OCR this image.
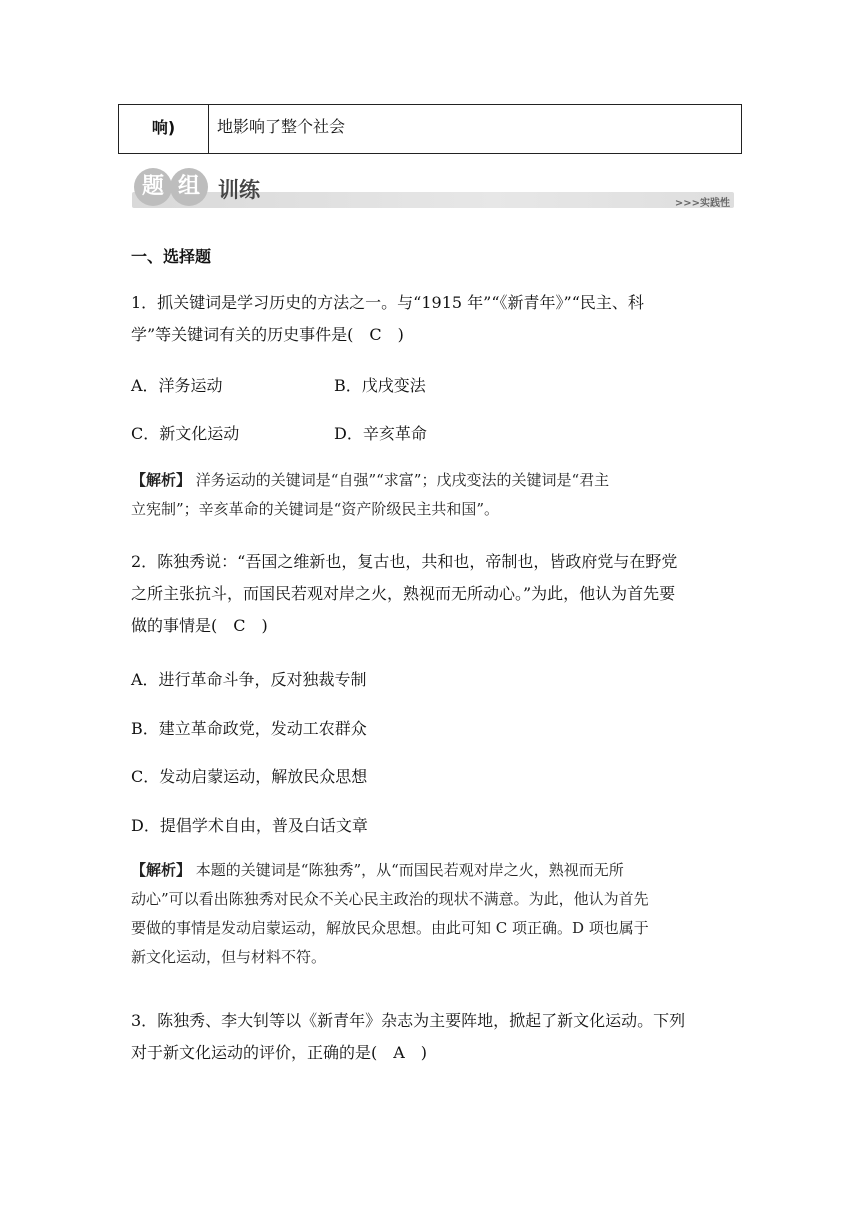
响)	地影响了整个社会
题 组 训练
>>>实践性
一、选择题
1．抓关键词是学习历史的方法之一。与“1915 年”“《新青年》”“民主、科
学”等关键词有关的历史事件是(　C　)
A．洋务运动	B．戊戌变法
C．新文化运动	D．辛亥革命
【解析】 洋务运动的关键词是“自强”“求富”；戊戌变法的关键词是“君主
立宪制”；辛亥革命的关键词是“资产阶级民主共和国”。
2．陈独秀说：“吾国之维新也，复古也，共和也，帝制也，皆政府党与在野党
之所主张抗斗，而国民若观对岸之火，熟视而无所动心。”为此，他认为首先要
做的事情是(　C　)
A．进行革命斗争，反对独裁专制
B．建立革命政党，发动工农群众
C．发动启蒙运动，解放民众思想
D．提倡学术自由，普及白话文章
【解析】 本题的关键词是“陈独秀”，从“而国民若观对岸之火，熟视而无所
动心”可以看出陈独秀对民众不关心民主政治的现状不满意。为此，他认为首先
要做的事情是发动启蒙运动，解放民众思想。由此可知 C 项正确。D 项也属于
新文化运动，但与材料不符。
3．陈独秀、李大钊等以《新青年》杂志为主要阵地，掀起了新文化运动。下列
对于新文化运动的评价，正确的是(　A　)
